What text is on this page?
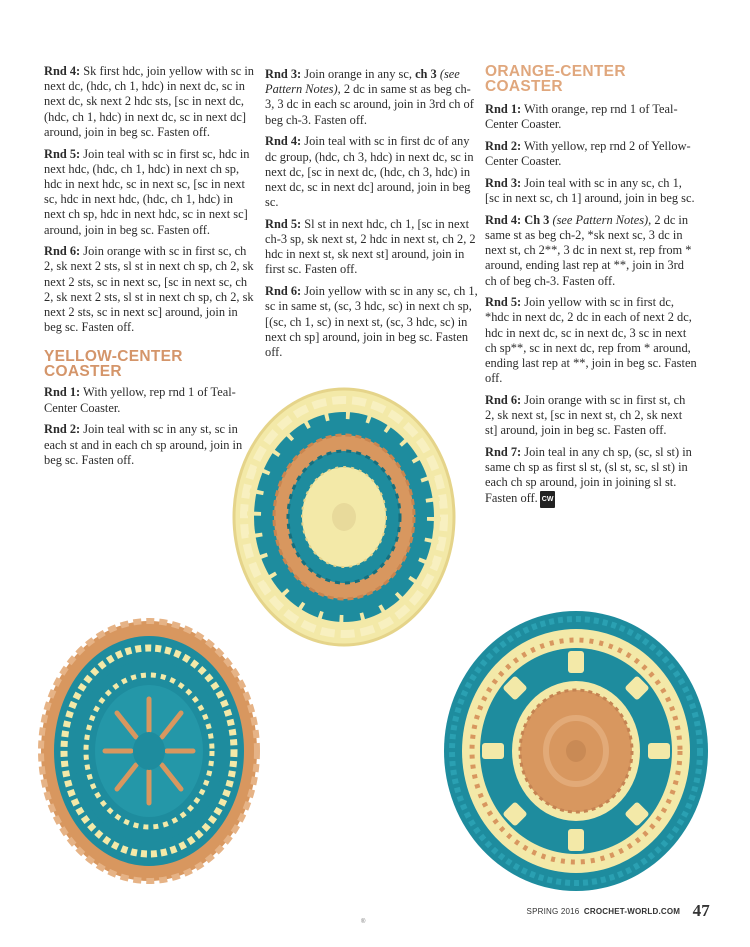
Rnd 4: Sk first hdc, join yellow with sc in next dc, (hdc, ch 1, hdc) in next dc, sc in next dc, sk next 2 hdc sts, [sc in next dc, (hdc, ch 1, hdc) in next dc, sc in next dc] around, join in beg sc. Fasten off.

Rnd 5: Join teal with sc in first sc, hdc in next hdc, (hdc, ch 1, hdc) in next ch sp, hdc in next hdc, sc in next sc, [sc in next sc, hdc in next hdc, (hdc, ch 1, hdc) in next ch sp, hdc in next hdc, sc in next sc] around, join in beg sc. Fasten off.

Rnd 6: Join orange with sc in first sc, ch 2, sk next 2 sts, sl st in next ch sp, ch 2, sk next 2 sts, sc in next sc, [sc in next sc, ch 2, sk next 2 sts, sl st in next ch sp, ch 2, sk next 2 sts, sc in next sc] around, join in beg sc. Fasten off.

YELLOW-CENTER
COASTER

Rnd 1: With yellow, rep rnd 1 of Teal-Center Coaster.

Rnd 2: Join teal with sc in any st, sc in each st and in each ch sp around, join in beg sc. Fasten off.

Rnd 3: Join orange in any sc, ch 3 (see Pattern Notes), 2 dc in same st as beg ch-3, 3 dc in each sc around, join in 3rd ch of beg ch-3. Fasten off.

Rnd 4: Join teal with sc in first dc of any dc group, (hdc, ch 3, hdc) in next dc, sc in next dc, [sc in next dc, (hdc, ch 3, hdc) in next dc, sc in next dc] around, join in beg sc.

Rnd 5: Sl st in next hdc, ch 1, [sc in next ch-3 sp, sk next st, 2 hdc in next st, ch 2, 2 hdc in next st, sk next st] around, join in first sc. Fasten off.

Rnd 6: Join yellow with sc in any sc, ch 1, sc in same st, (sc, 3 hdc, sc) in next ch sp, [(sc, ch 1, sc) in next st, (sc, 3 hdc, sc) in next ch sp] around, join in beg sc. Fasten off.

ORANGE-CENTER
COASTER

Rnd 1: With orange, rep rnd 1 of Teal-Center Coaster.

Rnd 2: With yellow, rep rnd 2 of Yellow-Center Coaster.

Rnd 3: Join teal with sc in any sc, ch 1, [sc in next sc, ch 1] around, join in beg sc.

Rnd 4: Ch 3 (see Pattern Notes), 2 dc in same st as beg ch-2, *sk next sc, 3 dc in next st, ch 2**, 3 dc in next st, rep from * around, ending last rep at **, join in 3rd ch of beg ch-3. Fasten off.

Rnd 5: Join yellow with sc in first dc, *hdc in next dc, 2 dc in each of next 2 dc, hdc in next dc, sc in next dc, 3 sc in next ch sp**, sc in next dc, rep from * around, ending last rep at **, join in beg sc. Fasten off.

Rnd 6: Join orange with sc in first st, ch 2, sk next st, [sc in next st, ch 2, sk next st] around, join in beg sc. Fasten off.

Rnd 7: Join teal in any ch sp, (sc, sl st) in same ch sp as first sl st, (sl st, sc, sl st) in each ch sp around, join in joining sl st. Fasten off. CW

®
SPRING 2016 CROCHET-WORLD.COM 47
